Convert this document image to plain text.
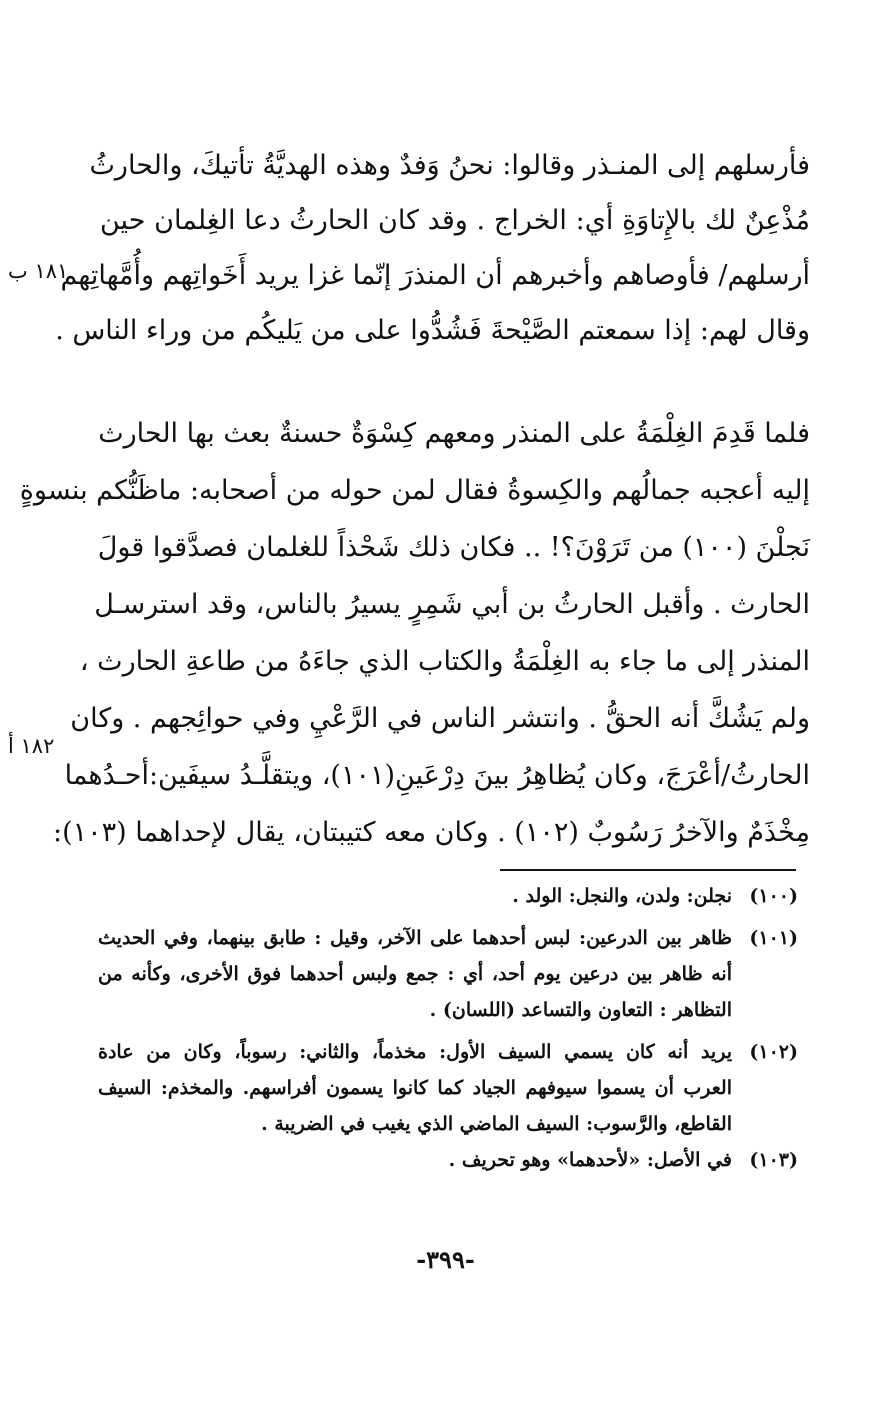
فأرسلهم إلى المنـذر وقالوا: نحنُ وَفدٌ وهذه الهديَّةُ تأتيكَ، والحارثُ
مُذْعِنٌ لك بالإِتاوَةِ أي: الخراج . وقد كان الحارثُ دعا الغِلمان حين
أرسلهم/ فأوصاهم وأخبرهم أن المنذرَ إنّما غزا يريد أَخَواتِهم وأُمَّهاتِهم
وقال لهم: إذا سمعتم الصَّيْحةَ فَشُدُّوا على من يَليكُم من وراء الناس .
١٨١ ب
فلما قَدِمَ الغِلْمَةُ على المنذر ومعهم كِسْوَةٌ حسنةٌ بعث بها الحارث
إليه أعجبه جمالُهم والكِسوةُ فقال لمن حوله من أصحابه: ماظَنُّكم بنسوةٍ
نَجلْنَ (١٠٠) من تَرَوْنَ؟! .. فكان ذلك شَحْذاً للغلمان فصدَّقوا قولَ
الحارث . وأقبل الحارثُ بن أبي شَمِرٍ يسيرُ بالناس، وقد استرسـل
المنذر إلى ما جاء به الغِلْمَةُ والكتاب الذي جاءَهُ من طاعةِ الحارث ،
ولم يَشُكَّ أنه الحقُّ . وانتشر الناس في الرَّعْيِ وفي حوائِجهم . وكان
الحارثُ/أعْرَجَ، وكان يُظاهِرُ بينَ دِرْعَينِ(١٠١)، ويتقلَّـدُ سيفَين:أحـدُهما
مِخْذَمٌ والآخرُ رَسُوبٌ (١٠٢) . وكان معه كتيبتان، يقال لإحداهما (١٠٣):
١٨٢ أ
(١٠٠)
نجلن: ولدن، والنجل: الولد .
(١٠١)
ظاهر بين الدرعين: لبس أحدهما على الآخر، وقيل : طابق بينهما، وفي الحديث
أنه ظاهر بين درعين يوم أحد، أي : جمع ولبس أحدهما فوق الأخرى، وكأنه من
التظاهر : التعاون والتساعد (اللسان) .
(١٠٢)
يريد أنه كان يسمي السيف الأول: مخذماً، والثاني: رسوباً، وكان من عادة
العرب أن يسموا سيوفهم الجياد كما كانوا يسمون أفراسهم. والمخذم: السيف
القاطع، والرَّسوب: السيف الماضي الذي يغيب في الضريبة .
(١٠٣)
في الأصل: «لأحدهما» وهو تحريف .
-٣٩٩-
